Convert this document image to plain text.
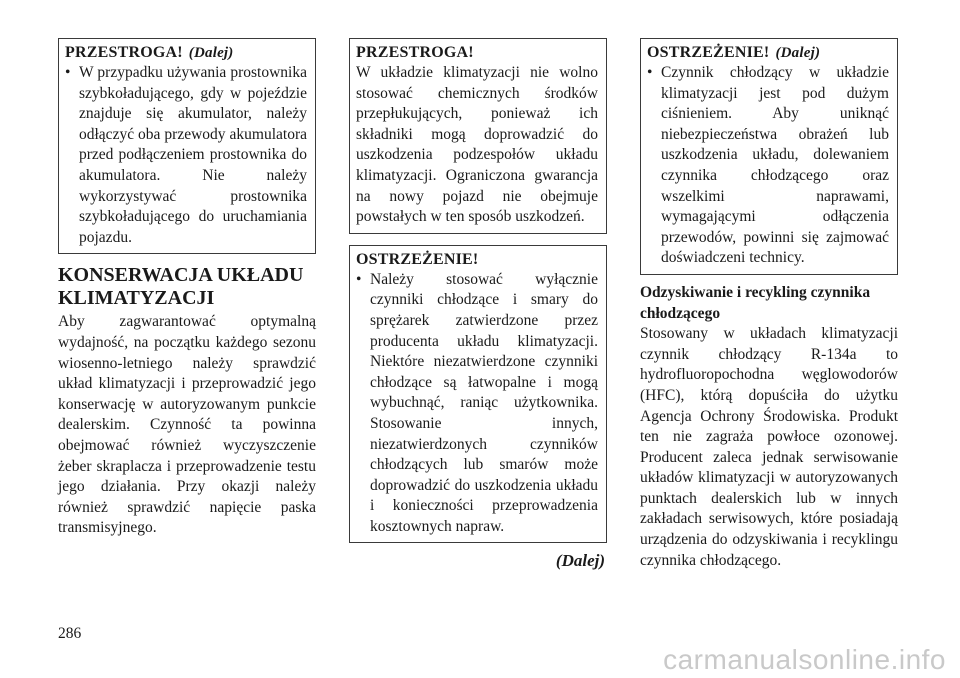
PRZESTROGA! (Dalej)
• W przypadku używania prostownika szybkoładującego, gdy w pojeździe znajduje się akumulator, należy odłączyć oba przewody akumulatora przed podłączeniem prostownika do akumulatora. Nie należy wykorzystywać prostownika szybkoładującego do uruchamiania pojazdu.
KONSERWACJA UKŁADU KLIMATYZACJI
Aby zagwarantować optymalną wydajność, na początku każdego sezonu wiosenno-letniego należy sprawdzić układ klimatyzacji i przeprowadzić jego konserwację w autoryzowanym punkcie dealerskim. Czynność ta powinna obejmować również wyczyszczenie żeber skraplacza i przeprowadzenie testu jego działania. Przy okazji należy również sprawdzić napięcie paska transmisyjnego.
PRZESTROGA!
W układzie klimatyzacji nie wolno stosować chemicznych środków przepłukujących, ponieważ ich składniki mogą doprowadzić do uszkodzenia podzespołów układu klimatyzacji. Ograniczona gwarancja na nowy pojazd nie obejmuje powstałych w ten sposób uszkodzeń.
OSTRZEŻENIE!
• Należy stosować wyłącznie czynniki chłodzące i smary do sprężarek zatwierdzone przez producenta układu klimatyzacji. Niektóre niezatwierdzone czynniki chłodzące są łatwopalne i mogą wybuchnąć, raniąc użytkownika. Stosowanie innych, niezatwierdzonych czynników chłodzących lub smarów może doprowadzić do uszkodzenia układu i konieczności przeprowadzenia kosztownych napraw.
(Dalej)
OSTRZEŻENIE! (Dalej)
• Czynnik chłodzący w układzie klimatyzacji jest pod dużym ciśnieniem. Aby uniknąć niebezpieczeństwa obrażeń lub uszkodzenia układu, dolewaniem czynnika chłodzącego oraz wszelkimi naprawami, wymagającymi odłączenia przewodów, powinni się zajmować doświadczeni technicy.
Odzyskiwanie i recykling czynnika chłodzącego
Stosowany w układach klimatyzacji czynnik chłodzący R-134a to hydrofluoropochodna węglowodorów (HFC), którą dopuściła do użytku Agencja Ochrony Środowiska. Produkt ten nie zagraża powłoce ozonowej. Producent zaleca jednak serwisowanie układów klimatyzacji w autoryzowanych punktach dealerskich lub w innych zakładach serwisowych, które posiadają urządzenia do odzyskiwania i recyklingu czynnika chłodzącego.
286
carmanualsonline.info
